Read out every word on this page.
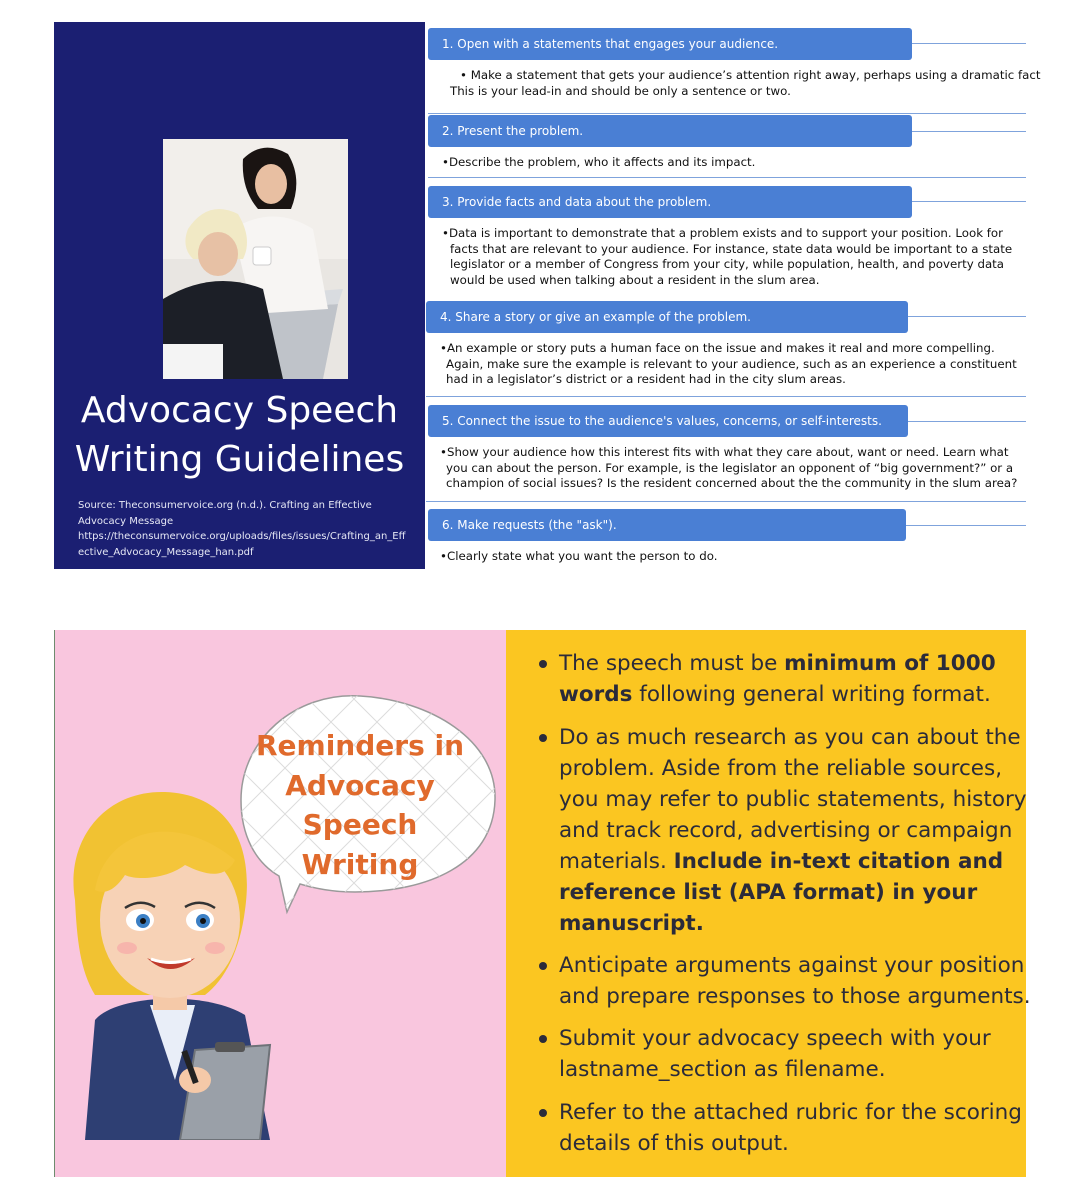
Advocacy Speech
Writing Guidelines
Source: Theconsumervoice.org (n.d.). Crafting an Effective
Advocacy Message
https://theconsumervoice.org/uploads/files/issues/Crafting_an_Eff
ective_Advocacy_Message_han.pdf
1. Open with a statements that engages your audience.
• Make a statement that gets your audience’s attention right away, perhaps using a dramatic fact
This is your lead-in and should be only a sentence or two.
2. Present the problem.
•Describe the problem, who it affects and its impact.
3. Provide facts and data about the problem.
•Data is important to demonstrate that a problem exists and to support your position. Look for
facts that are relevant to your audience. For instance, state data would be important to a state
legislator or a member of Congress from your city, while population, health, and poverty data
would be used when talking about a resident in the slum area.
4. Share a story or give an example of the problem.
•An example or story puts a human face on the issue and makes it real and more compelling.
Again, make sure the example is relevant to your audience, such as an experience a constituent
had in a legislator’s district or a resident had in the city slum areas.
5. Connect the issue to the audience's values, concerns, or self-interests.
•Show your audience how this interest fits with what they care about, want or need. Learn what
you can about the person. For example, is the legislator an opponent of “big government?” or a
champion of social issues? Is the resident concerned about the the community in the slum area?
6. Make requests (the "ask").
•Clearly state what you want the person to do.
Reminders in
Advocacy
Speech
Writing
The speech must be minimum of 1000
words following general writing format.
Do as much research as you can about the
problem. Aside from the reliable sources,
you may refer to public statements, history
and track record, advertising or campaign
materials. Include in-text citation and
reference list (APA format) in your
manuscript.
Anticipate arguments against your position
and prepare responses to those arguments.
Submit your advocacy speech with your
lastname_section as filename.
Refer to the attached rubric for the scoring
details of this output.
